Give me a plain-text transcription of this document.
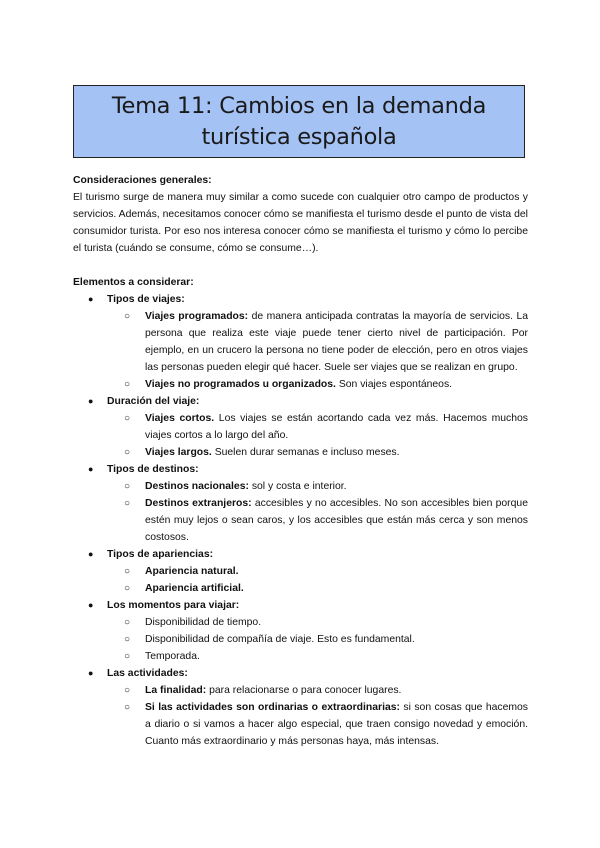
Tema 11: Cambios en la demanda turística española
Consideraciones generales:

El turismo surge de manera muy similar a como sucede con cualquier otro campo de productos y servicios. Además, necesitamos conocer cómo se manifiesta el turismo desde el punto de vista del consumidor turista. Por eso nos interesa conocer cómo se manifiesta el turismo y cómo lo percibe el turista (cuándo se consume, cómo se consume…).

Elementos a considerar:
● Tipos de viajes:
○ Viajes programados: de manera anticipada contratas la mayoría de servicios. La persona que realiza este viaje puede tener cierto nivel de participación. Por ejemplo, en un crucero la persona no tiene poder de elección, pero en otros viajes las personas pueden elegir qué hacer. Suele ser viajes que se realizan en grupo.
○ Viajes no programados u organizados. Son viajes espontáneos.
● Duración del viaje:
○ Viajes cortos. Los viajes se están acortando cada vez más. Hacemos muchos viajes cortos a lo largo del año.
○ Viajes largos. Suelen durar semanas e incluso meses.
● Tipos de destinos:
○ Destinos nacionales: sol y costa e interior.
○ Destinos extranjeros: accesibles y no accesibles. No son accesibles bien porque estén muy lejos o sean caros, y los accesibles que están más cerca y son menos costosos.
● Tipos de apariencias:
○ Apariencia natural.
○ Apariencia artificial.
● Los momentos para viajar:
○ Disponibilidad de tiempo.
○ Disponibilidad de compañía de viaje. Esto es fundamental.
○ Temporada.
● Las actividades:
○ La finalidad: para relacionarse o para conocer lugares.
○ Si las actividades son ordinarias o extraordinarias: si son cosas que hacemos a diario o si vamos a hacer algo especial, que traen consigo novedad y emoción. Cuanto más extraordinario y más personas haya, más intensas.
